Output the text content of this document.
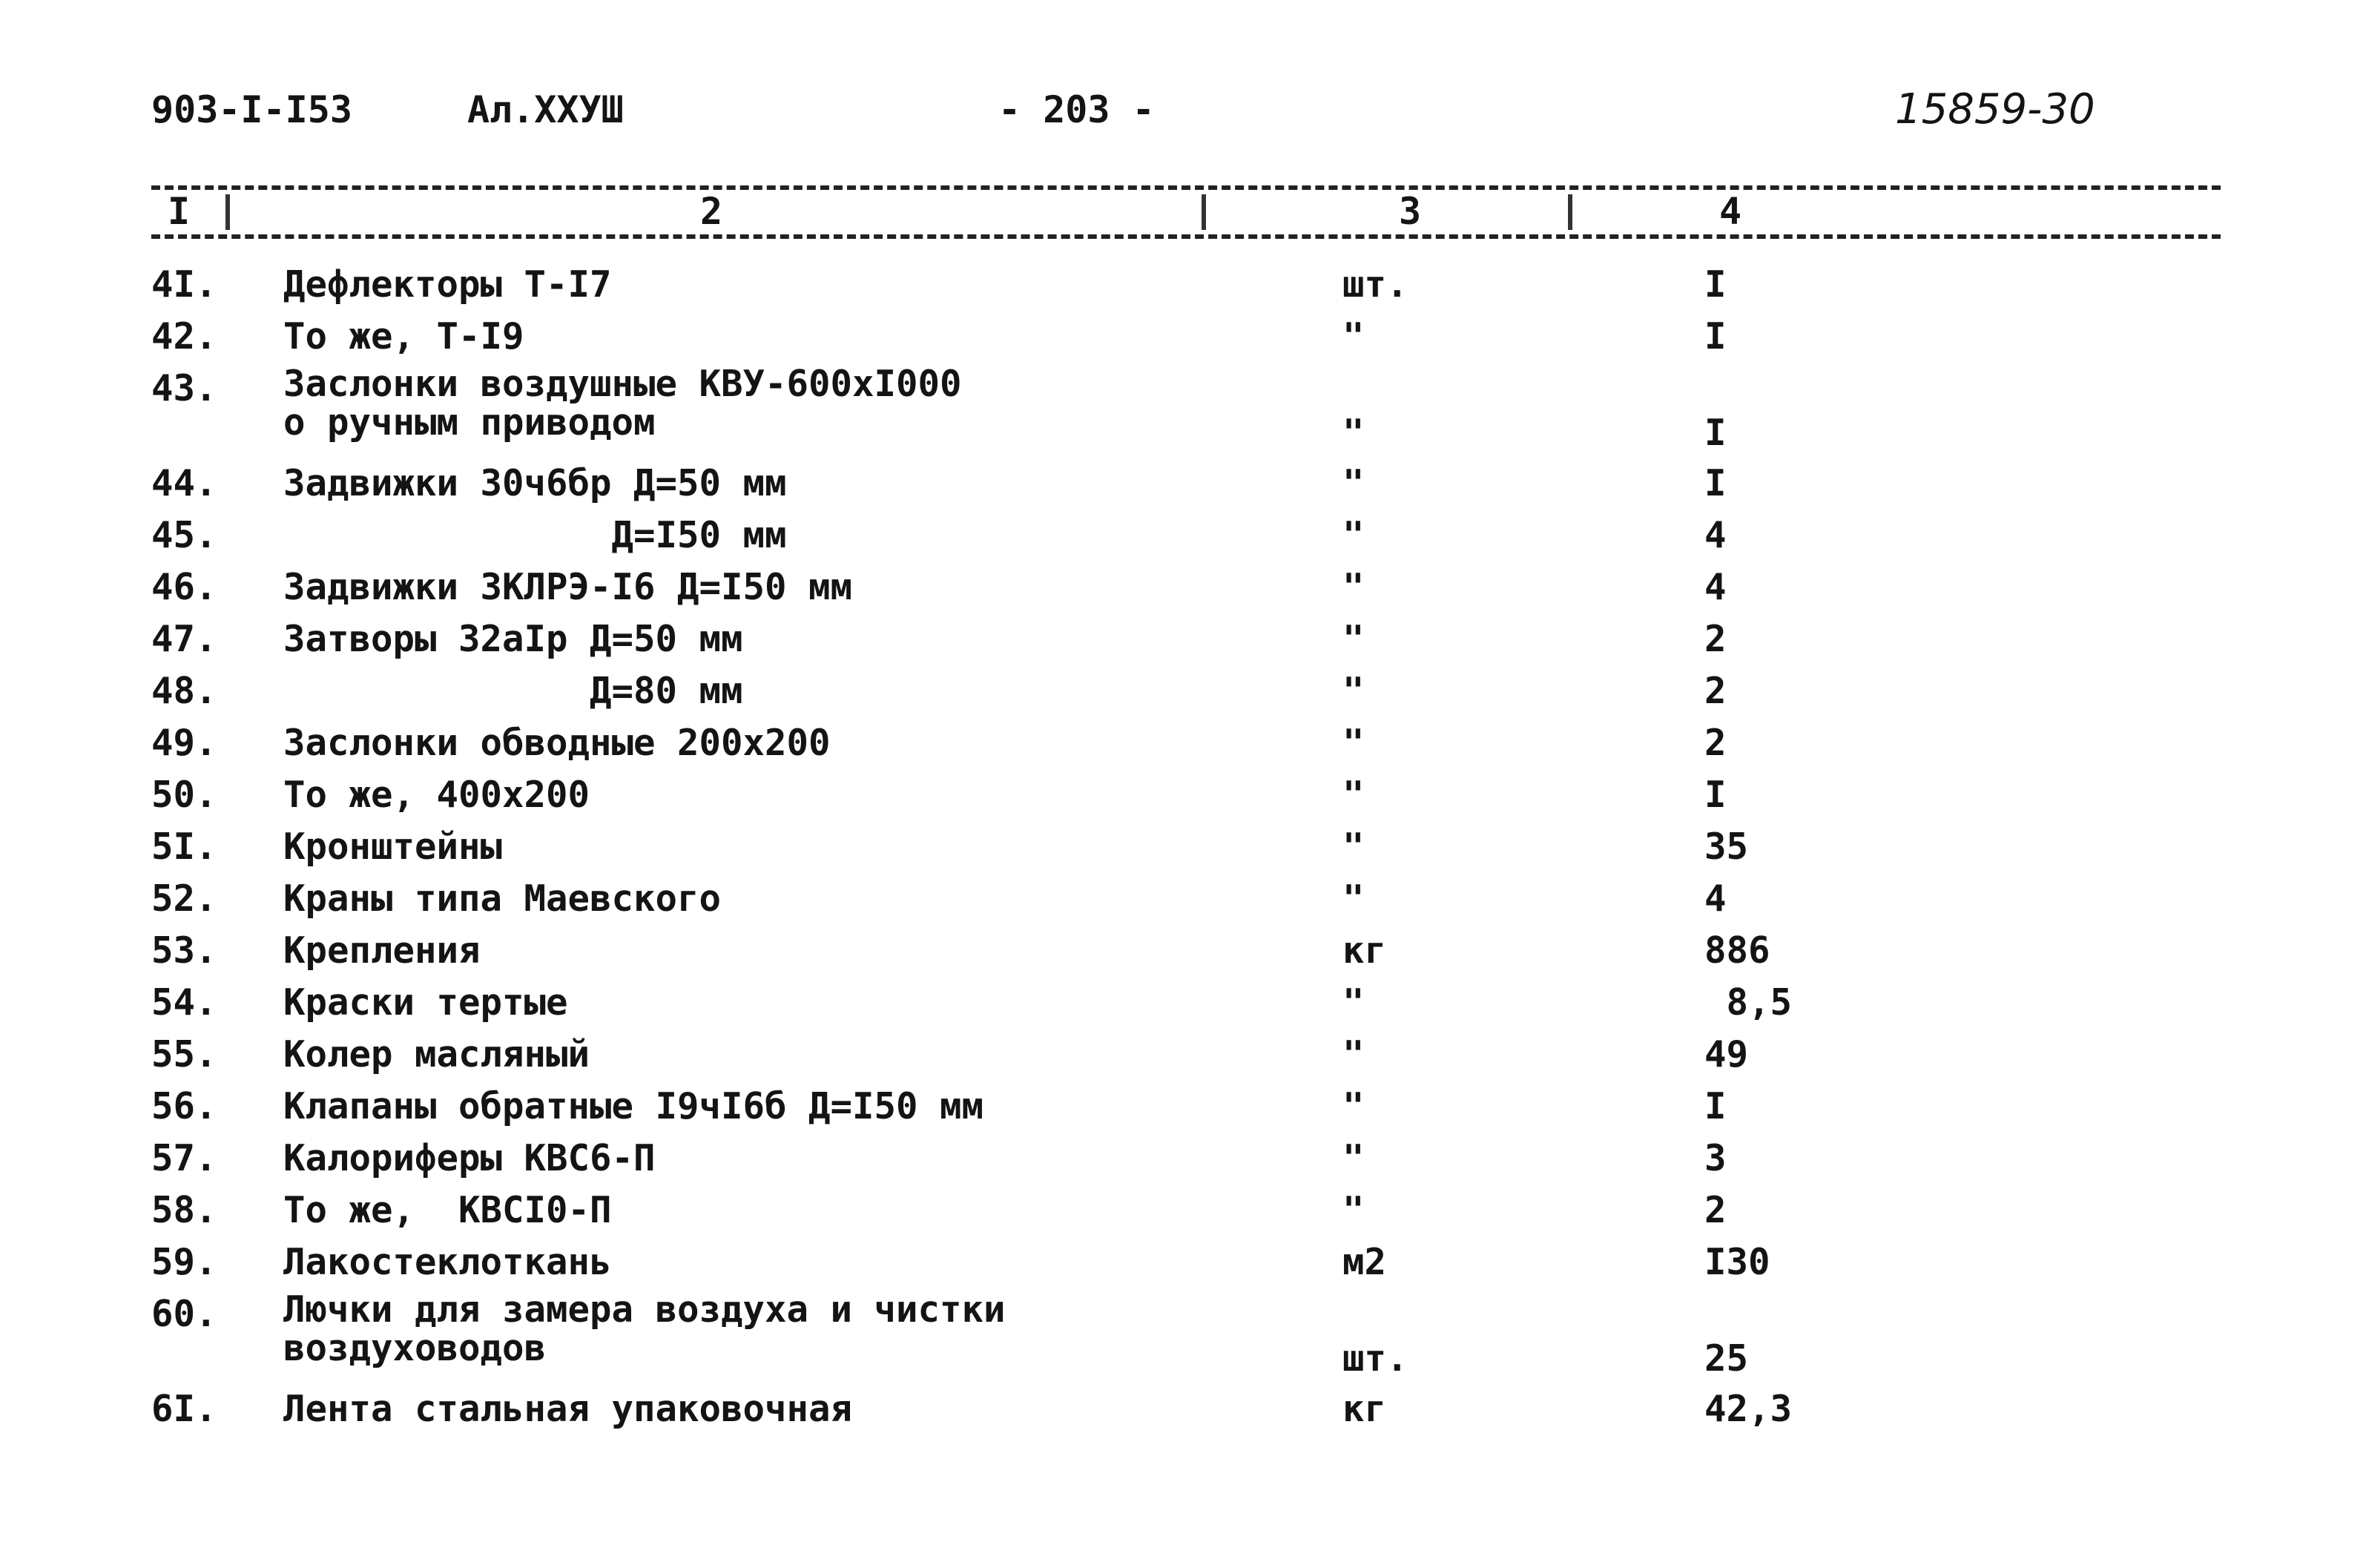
903-I-I53	Ал.XXУШ	- 203 -	15859-30
I	2	3	4
4I. Дефлекторы Т-I7	шт.	I
42. То же, Т-I9	"	I
43. Заслонки воздушные КВУ-600хI000
о ручным приводом	"	I
44. Задвижки 30ч6бр Д=50 мм	"	I
45. Д=I50 мм	"	4
46. Задвижки ЗКЛРЭ-I6 Д=I50 мм	"	4
47. Затворы 32aIр Д=50 мм	"	2
48. Д=80 мм	"	2
49. Заслонки обводные 200х200	"	2
50. То же, 400х200	"	I
5I. Кронштейны	"	35
52. Краны типа Маевского	"	4
53. Крепления	кг	886
54. Краски тертые	"	8,5
55. Колер масляный	"	49
56. Клапаны обратные I9чI6б Д=I50 мм	"	I
57. Калориферы КВС6-П	"	3
58. То же,  КВСI0-П	"	2
59. Лакостеклоткань	м2	I30
60. Лючки для замера воздуха и чистки
воздуховодов	шт.	25
6I. Лента стальная упаковочная	кг	42,3
